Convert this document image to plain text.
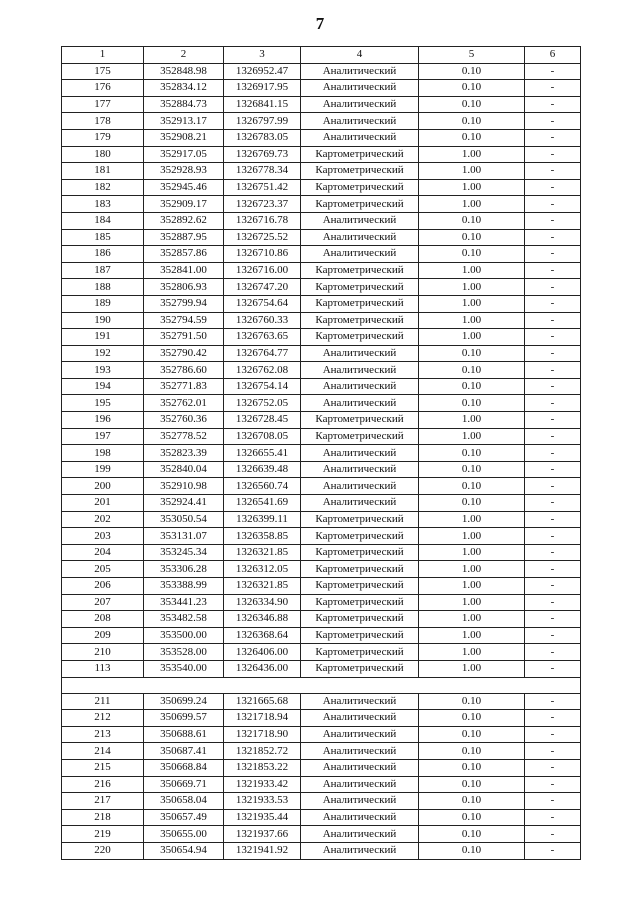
7
1	2	3	4	5	6
175	352848.98	1326952.47	Аналитический	0.10	-
176	352834.12	1326917.95	Аналитический	0.10	-
177	352884.73	1326841.15	Аналитический	0.10	-
178	352913.17	1326797.99	Аналитический	0.10	-
179	352908.21	1326783.05	Аналитический	0.10	-
180	352917.05	1326769.73	Картометрический	1.00	-
181	352928.93	1326778.34	Картометрический	1.00	-
182	352945.46	1326751.42	Картометрический	1.00	-
183	352909.17	1326723.37	Картометрический	1.00	-
184	352892.62	1326716.78	Аналитический	0.10	-
185	352887.95	1326725.52	Аналитический	0.10	-
186	352857.86	1326710.86	Аналитический	0.10	-
187	352841.00	1326716.00	Картометрический	1.00	-
188	352806.93	1326747.20	Картометрический	1.00	-
189	352799.94	1326754.64	Картометрический	1.00	-
190	352794.59	1326760.33	Картометрический	1.00	-
191	352791.50	1326763.65	Картометрический	1.00	-
192	352790.42	1326764.77	Аналитический	0.10	-
193	352786.60	1326762.08	Аналитический	0.10	-
194	352771.83	1326754.14	Аналитический	0.10	-
195	352762.01	1326752.05	Аналитический	0.10	-
196	352760.36	1326728.45	Картометрический	1.00	-
197	352778.52	1326708.05	Картометрический	1.00	-
198	352823.39	1326655.41	Аналитический	0.10	-
199	352840.04	1326639.48	Аналитический	0.10	-
200	352910.98	1326560.74	Аналитический	0.10	-
201	352924.41	1326541.69	Аналитический	0.10	-
202	353050.54	1326399.11	Картометрический	1.00	-
203	353131.07	1326358.85	Картометрический	1.00	-
204	353245.34	1326321.85	Картометрический	1.00	-
205	353306.28	1326312.05	Картометрический	1.00	-
206	353388.99	1326321.85	Картометрический	1.00	-
207	353441.23	1326334.90	Картометрический	1.00	-
208	353482.58	1326346.88	Картометрический	1.00	-
209	353500.00	1326368.64	Картометрический	1.00	-
210	353528.00	1326406.00	Картометрический	1.00	-
113	353540.00	1326436.00	Картометрический	1.00	-

211	350699.24	1321665.68	Аналитический	0.10	-
212	350699.57	1321718.94	Аналитический	0.10	-
213	350688.61	1321718.90	Аналитический	0.10	-
214	350687.41	1321852.72	Аналитический	0.10	-
215	350668.84	1321853.22	Аналитический	0.10	-
216	350669.71	1321933.42	Аналитический	0.10	-
217	350658.04	1321933.53	Аналитический	0.10	-
218	350657.49	1321935.44	Аналитический	0.10	-
219	350655.00	1321937.66	Аналитический	0.10	-
220	350654.94	1321941.92	Аналитический	0.10	-
